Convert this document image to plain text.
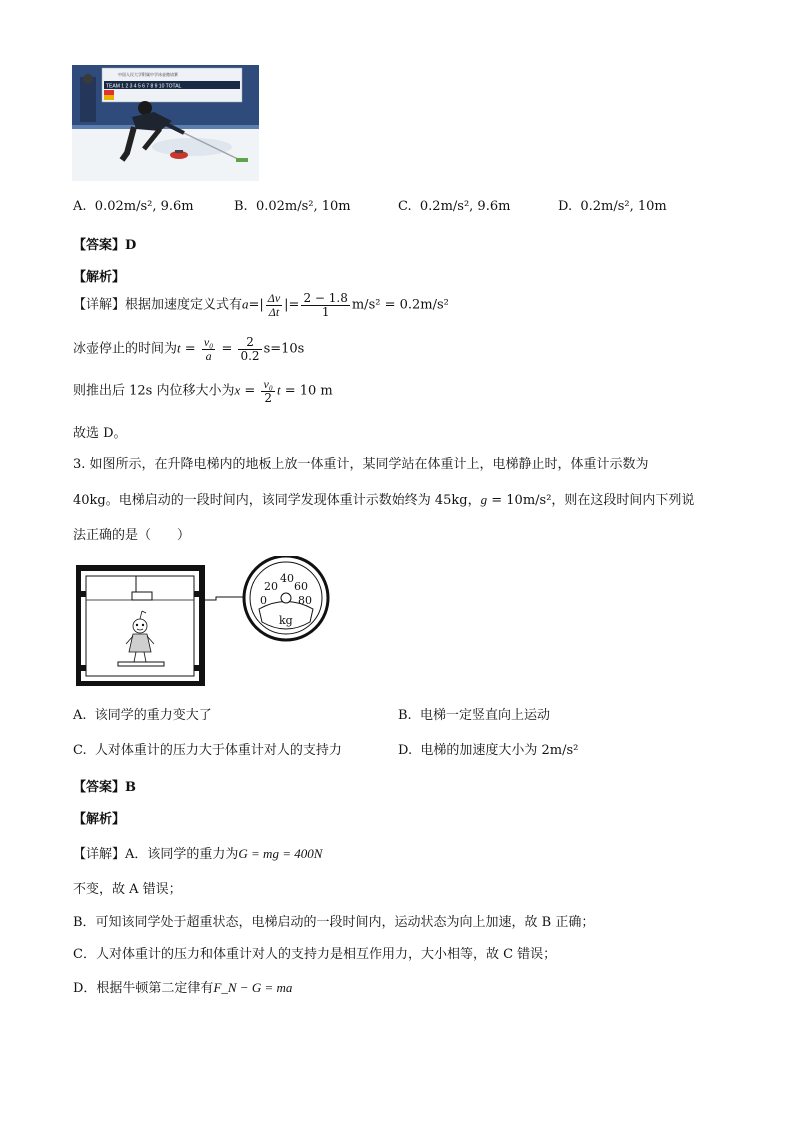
中国人民大学附属中学冰壶邀请赛
TEAM 1 2 3 4 5 6 7 8 9 10 TOTAL
A. 0.02m/s², 9.6m	B. 0.02m/s², 10m	C. 0.2m/s², 9.6m	D. 0.2m/s², 10m
【答案】D
【解析】
【详解】根据加速度定义式有$a=| \frac{\Delta v}{\Delta t}$ |= $\frac{2 - 1.8}{1} m/s^2 = 0.2m/s^2$
冰壶停止的时间为$t = \frac{\text{v₀}}{a} = \frac{2}{0.2} s=10s$
则推出后 12s 内位移大小为$x = \frac{\text{v₀}}{2}$ t = 10 m
故选 D。
3. 如图所示，在升降电梯内的地板上放一体重计，某同学站在体重计上，电梯静止时，体重计示数为
40kg。电梯启动的一段时间内，该同学发现体重计示数始终为 45kg，g = 10m/s²，则在这段时间内下列说
法正确的是（　　）
20
40
60
0	80
kg
A. 该同学的重力变大了	B. 电梯一定竖直向上运动
C. 人对体重计的压力大于体重计对人的支持力	D. 电梯的加速度大小为 2m/s²
【答案】B
【解析】
【详解】A．该同学的重力为G = mg = 400N
不变，故 A 错误；
B．可知该同学处于超重状态，电梯启动的一段时间内，运动状态为向上加速，故 B 正确；
C．人对体重计的压力和体重计对人的支持力是相互作用力，大小相等，故 C 错误；
D．根据牛顿第二定律有F_N − G = ma
